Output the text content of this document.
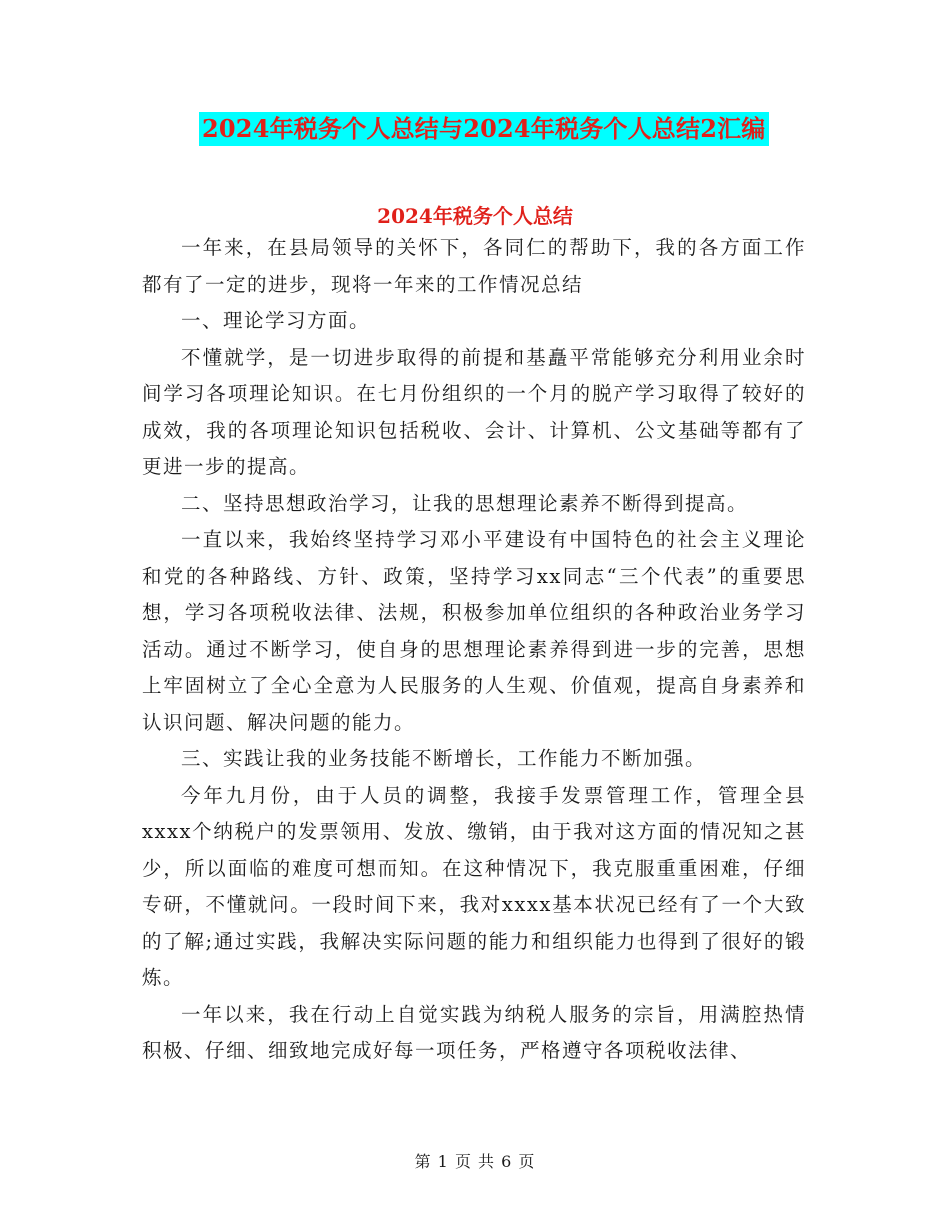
2024年税务个人总结与2024年税务个人总结2汇编
2024年税务个人总结

一年来，在县局领导的关怀下，各同仁的帮助下，我的各方面工作都有了一定的进步，现将一年来的工作情况总结

一、理论学习方面。

不懂就学，是一切进步取得的前提和基矗平常能够充分利用业余时间学习各项理论知识。在七月份组织的一个月的脱产学习取得了较好的成效，我的各项理论知识包括税收、会计、计算机、公文基础等都有了更进一步的提高。

二、坚持思想政治学习，让我的思想理论素养不断得到提高。

一直以来，我始终坚持学习邓小平建设有中国特色的社会主义理论和党的各种路线、方针、政策，坚持学习xx同志“三个代表”的重要思想，学习各项税收法律、法规，积极参加单位组织的各种政治业务学习活动。通过不断学习，使自身的思想理论素养得到进一步的完善，思想上牢固树立了全心全意为人民服务的人生观、价值观，提高自身素养和认识问题、解决问题的能力。

三、实践让我的业务技能不断增长，工作能力不断加强。

今年九月份，由于人员的调整，我接手发票管理工作，管理全县xxxx个纳税户的发票领用、发放、缴销，由于我对这方面的情况知之甚少，所以面临的难度可想而知。在这种情况下，我克服重重困难，仔细专研，不懂就问。一段时间下来，我对xxxx基本状况已经有了一个大致的了解;通过实践，我解决实际问题的能力和组织能力也得到了很好的锻炼。

一年以来，我在行动上自觉实践为纳税人服务的宗旨，用满腔热情积极、仔细、细致地完成好每一项任务，严格遵守各项税收法律、

第 1 页 共 6 页
